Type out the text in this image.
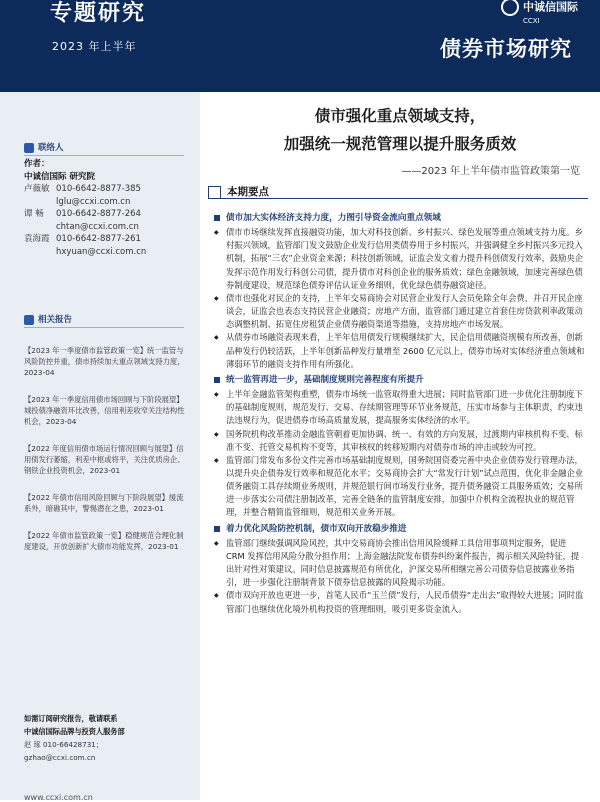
专题研究
2023 年上半年
中诚信国际
CCXI
债券市场研究
联络人
作者：
中诚信国际 研究院
卢薇敏 010-6642-8877-385
lglu@ccxi.com.cn
谭 畅	010-6642-8877-264
chtan@ccxi.com.cn
袁海霞 010-6642-8877-261
hxyuan@ccxi.com.cn
相关报告

【2023 年一季度债市监管政策一览】统一监管与风险防控并重，债市持续加大重点领域支持力度，2023-04

【2023 年一季度信用债市场回顾与下阶段展望】城投债净融资环比改善，信用利差收窄关注结构性机会，2023-04

【2022 年度信用债市场运行情况回顾与展望】信用债发行萎缩，利差中枢或将平，关注优质房企、钢铁企业投资机会，2023-01

【2022 年债市信用风险回顾与下阶段展望】缓流系外，暗礁其中，警惕潜在之患，2023-01

【2022 年债市监管政策一览】稳健规范合理化制度建设，开放创新扩大债市功能发挥，2023-01

如需订阅研究报告，敬请联系
中诚信国际品牌与投资人服务部
赵 琢 010-66428731；
gzhao@ccxi.com.cn
www.ccxi.com.cn
债市强化重点领域支持，
加强统一规范管理以提升服务质效
——2023 年上半年债市监管政策第一览
本期要点
债市加大实体经济支持力度，力图引导资金流向重点领域

◆ 债市市场继续发挥直接融资功能，加大对科技创新、乡村振兴、绿色发展等重点领域支持力度。乡村振兴领域，监管部门发文鼓励企业发行信用类债券用于乡村振兴，并强调健全乡村振兴多元投入机制，拓展“三农”企业资金来源；科技创新领域，证监会发文着力提升科创债发行效率，鼓励央企发挥示范作用发行科创公司债，提升债市对科创企业的服务质效；绿色金融领域，加速完善绿色债券制度建设，规范绿色债券评估认证业务细则，优化绿色债券融资途径。

◆ 债市也强化对民企的支持，上半年交易商协会对民营企业发行人会员免除全年会费，并召开民企座谈会，证监会也表态支持民营企业融资；房地产方面，监管部门通过建立首套住房贷款利率政策动态调整机制、拓宽住房租赁企业债券融资渠道等措施，支持房地产市场发展。

◆ 从债券市场融资表现来看，上半年信用债发行规模继续扩大，民企信用债融资规模有所改善，创新品种发行仍较活跃，上半年创新品种发行量增至 2600 亿元以上，债券市场对实体经济重点领域和薄弱环节的融资支持作用有所强化。

统一监管再进一步，基础制度规则完善程度有所提升

◆ 上半年金融监管架构重塑，债券市场统一监管取得重大进展；同时监管部门进一步优化注册制度下的基础制度规则，规范发行、交易、存续期管理等环节业务规范，压实市场参与主体职责，约束违法违规行为，促进债券市场高质量发展，提高服务实体经济的水平。

◆ 国务院机构改革推动金融监管朝着更加协调、统一、有效的方向发展，过渡期内审核机构不变、标准不变、托管交易机构不变等，其审核权的转移短期内对债券市场的冲击或较为可控。

◆ 监管部门常发布多份文件完善市场基础制度规则，国务院国资委完善中央企业债券发行管理办法，以提升央企债券发行效率和规范化水平；交易商协会扩大“常发行计划”试点范围，优化非金融企业债务融资工具存续期业务规则，并规范银行间市场发行业务，提升债务融资工具服务质效；交易所进一步落实公司债注册制改革，完善全链条的监管制度安排，加强中介机构全流程执业的规范管理，并整合精简监管细则，规范相关业务开展。

着力优化风险防控机制，债市双向开放稳步推进

◆ 监管部门继续强调风险风控，其中交易商协会推出信用风险缓释工具信用事项判定服务，促进 CRM 发挥信用风险分散分担作用；上海金融法院发布债券纠纷案件报告，揭示相关风险特征，提出针对性对策建议。同时信息披露规范有所优化，沪深交易所相继完善公司债券信息披露业务指引，进一步强化注册制背景下债券信息披露的风险揭示功能。

◆ 债市双向开放也更进一步，首笔人民币“玉兰债”发行，人民币债券“走出去”取得较大进展；同时监管部门也继续优化境外机构投资的管理细则，吸引更多资金流入。
